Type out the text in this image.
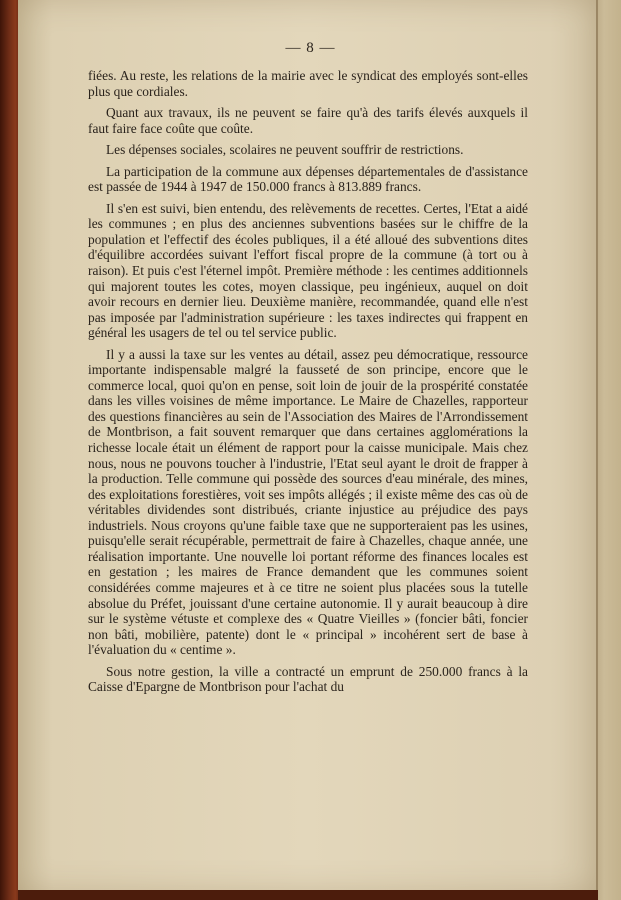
— 8 —

fiées. Au reste, les relations de la mairie avec le syndicat des employés sont-elles plus que cordiales.

Quant aux travaux, ils ne peuvent se faire qu'à des tarifs élevés auxquels il faut faire face coûte que coûte.

Les dépenses sociales, scolaires ne peuvent souffrir de restrictions.

La participation de la commune aux dépenses départementales de d'assistance est passée de 1944 à 1947 de 150.000 francs à 813.889 francs.

Il s'en est suivi, bien entendu, des relèvements de recettes. Certes, l'Etat a aidé les communes ; en plus des anciennes subventions basées sur le chiffre de la population et l'effectif des écoles publiques, il a été alloué des subventions dites d'équilibre accordées suivant l'effort fiscal propre de la commune (à tort ou à raison). Et puis c'est l'éternel impôt. Première méthode : les centimes additionnels qui majorent toutes les cotes, moyen classique, peu ingénieux, auquel on doit avoir recours en dernier lieu. Deuxième manière, recommandée, quand elle n'est pas imposée par l'administration supérieure : les taxes indirectes qui frappent en général les usagers de tel ou tel service public.

Il y a aussi la taxe sur les ventes au détail, assez peu démocratique, ressource importante indispensable malgré la fausseté de son principe, encore que le commerce local, quoi qu'on en pense, soit loin de jouir de la prospérité constatée dans les villes voisines de même importance. Le Maire de Chazelles, rapporteur des questions financières au sein de l'Association des Maires de l'Arrondissement de Montbrison, a fait souvent remarquer que dans certaines agglomérations la richesse locale était un élément de rapport pour la caisse municipale. Mais chez nous, nous ne pouvons toucher à l'industrie, l'Etat seul ayant le droit de frapper à la production. Telle commune qui possède des sources d'eau minérale, des mines, des exploitations forestières, voit ses impôts allégés ; il existe même des cas où de véritables dividendes sont distribués, criante injustice au préjudice des pays industriels. Nous croyons qu'une faible taxe que ne supporteraient pas les usines, puisqu'elle serait récupérable, permettrait de faire à Chazelles, chaque année, une réalisation importante. Une nouvelle loi portant réforme des finances locales est en gestation ; les maires de France demandent que les communes soient considérées comme majeures et à ce titre ne soient plus placées sous la tutelle absolue du Préfet, jouissant d'une certaine autonomie. Il y aurait beaucoup à dire sur le système vétuste et complexe des « Quatre Vieilles » (foncier bâti, foncier non bâti, mobilière, patente) dont le « principal » incohérent sert de base à l'évaluation du « centime ».

Sous notre gestion, la ville a contracté un emprunt de 250.000 francs à la Caisse d'Epargne de Montbrison pour l'achat du
